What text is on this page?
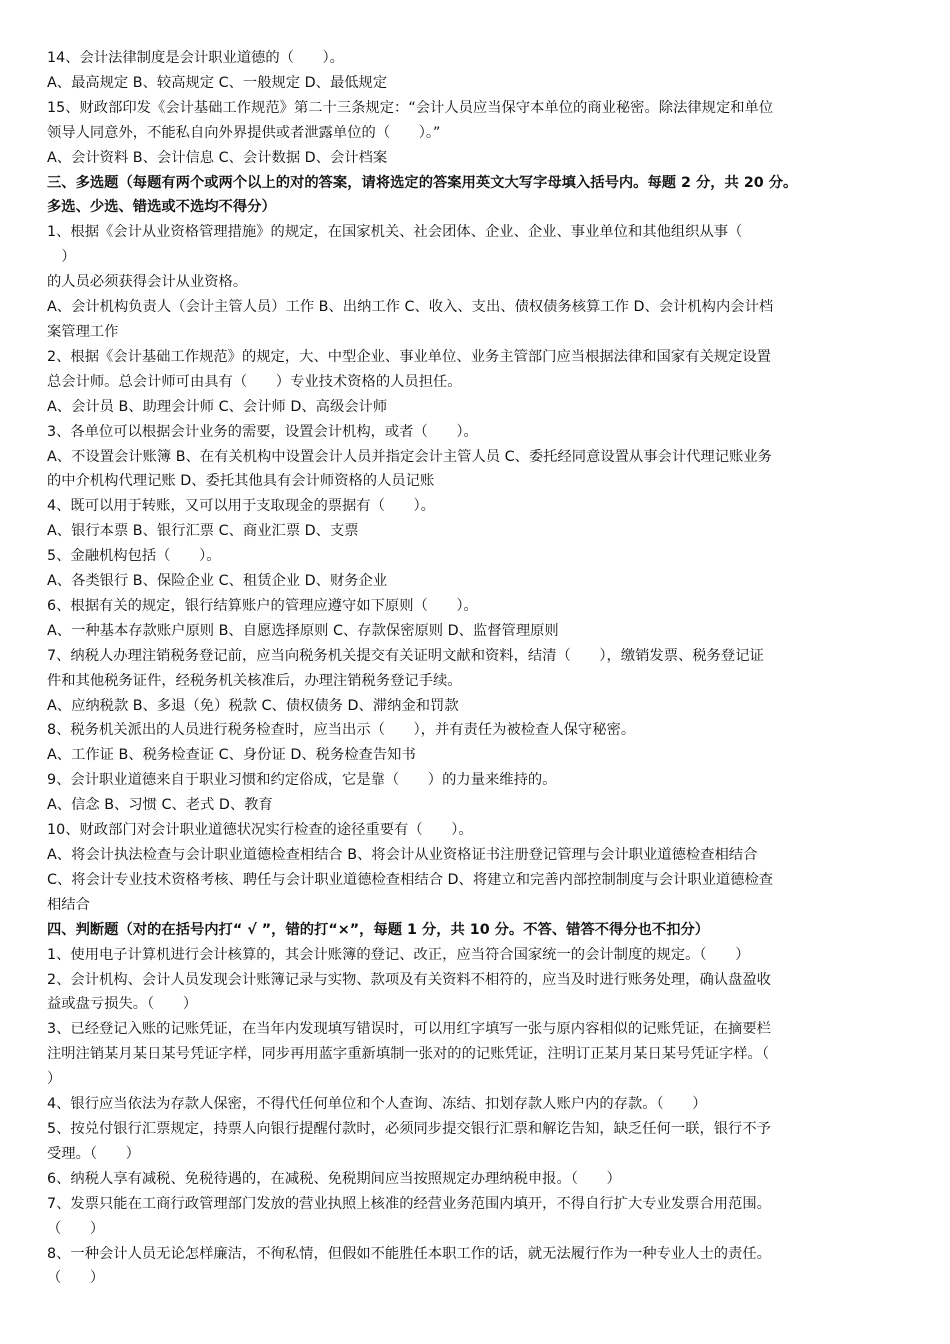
14、会计法律制度是会计职业道德的（　　）。
A、最高规定 B、较高规定 C、一般规定 D、最低规定
15、财政部印发《会计基础工作规范》第二十三条规定：“会计人员应当保守本单位的商业秘密。除法律规定和单位
领导人同意外，不能私自向外界提供或者泄露单位的（　　）。”
A、会计资料 B、会计信息 C、会计数据 D、会计档案
三、多选题（每题有两个或两个以上的对的答案，请将选定的答案用英文大写字母填入括号内。每题 2 分，共 20 分。
多选、少选、错选或不选均不得分）
1、根据《会计从业资格管理措施》的规定，在国家机关、社会团体、企业、企业、事业单位和其他组织从事（
　）
的人员必须获得会计从业资格。
A、会计机构负责人（会计主管人员）工作 B、出纳工作 C、收入、支出、债权债务核算工作 D、会计机构内会计档
案管理工作
2、根据《会计基础工作规范》的规定，大、中型企业、事业单位、业务主管部门应当根据法律和国家有关规定设置
总会计师。总会计师可由具有（　　）专业技术资格的人员担任。
A、会计员 B、助理会计师 C、会计师 D、高级会计师
3、各单位可以根据会计业务的需要，设置会计机构，或者（　　）。
A、不设置会计账簿 B、在有关机构中设置会计人员并指定会计主管人员 C、委托经同意设置从事会计代理记账业务
的中介机构代理记账 D、委托其他具有会计师资格的人员记账
4、既可以用于转账，又可以用于支取现金的票据有（　　）。
A、银行本票 B、银行汇票 C、商业汇票 D、支票
5、金融机构包括（　　）。
A、各类银行 B、保险企业 C、租赁企业 D、财务企业
6、根据有关的规定，银行结算账户的管理应遵守如下原则（　　）。
A、一种基本存款账户原则 B、自愿选择原则 C、存款保密原则 D、监督管理原则
7、纳税人办理注销税务登记前，应当向税务机关提交有关证明文献和资料，结清（　　），缴销发票、税务登记证
件和其他税务证件，经税务机关核准后，办理注销税务登记手续。
A、应纳税款 B、多退（免）税款 C、债权债务 D、滞纳金和罚款
8、税务机关派出的人员进行税务检查时，应当出示（　　），并有责任为被检查人保守秘密。
A、工作证 B、税务检查证 C、身份证 D、税务检查告知书
9、会计职业道德来自于职业习惯和约定俗成，它是靠（　　）的力量来维持的。
A、信念 B、习惯 C、老式 D、教育
10、财政部门对会计职业道德状况实行检查的途径重要有（　　）。
A、将会计执法检查与会计职业道德检查相结合 B、将会计从业资格证书注册登记管理与会计职业道德检查相结合
C、将会计专业技术资格考核、聘任与会计职业道德检查相结合 D、将建立和完善内部控制制度与会计职业道德检查
相结合
四、判断题（对的在括号内打“ √ ”，错的打“×”，每题 1 分，共 10 分。不答、错答不得分也不扣分）
1、使用电子计算机进行会计核算的，其会计账簿的登记、改正，应当符合国家统一的会计制度的规定。（　　）
2、会计机构、会计人员发现会计账簿记录与实物、款项及有关资料不相符的，应当及时进行账务处理，确认盘盈收
益或盘亏损失。（　　）
3、已经登记入账的记账凭证，在当年内发现填写错误时，可以用红字填写一张与原内容相似的记账凭证，在摘要栏
注明注销某月某日某号凭证字样，同步再用蓝字重新填制一张对的的记账凭证，注明订正某月某日某号凭证字样。（
）
4、银行应当依法为存款人保密，不得代任何单位和个人查询、冻结、扣划存款人账户内的存款。（　　）
5、按兑付银行汇票规定，持票人向银行提醒付款时，必须同步提交银行汇票和解讫告知，缺乏任何一联，银行不予
受理。（　　）
6、纳税人享有减税、免税待遇的，在减税、免税期间应当按照规定办理纳税申报。（　　）
7、发票只能在工商行政管理部门发放的营业执照上核准的经营业务范围内填开，不得自行扩大专业发票合用范围。
（　　）
8、一种会计人员无论怎样廉洁，不徇私情，但假如不能胜任本职工作的话，就无法履行作为一种专业人士的责任。
（　　）
